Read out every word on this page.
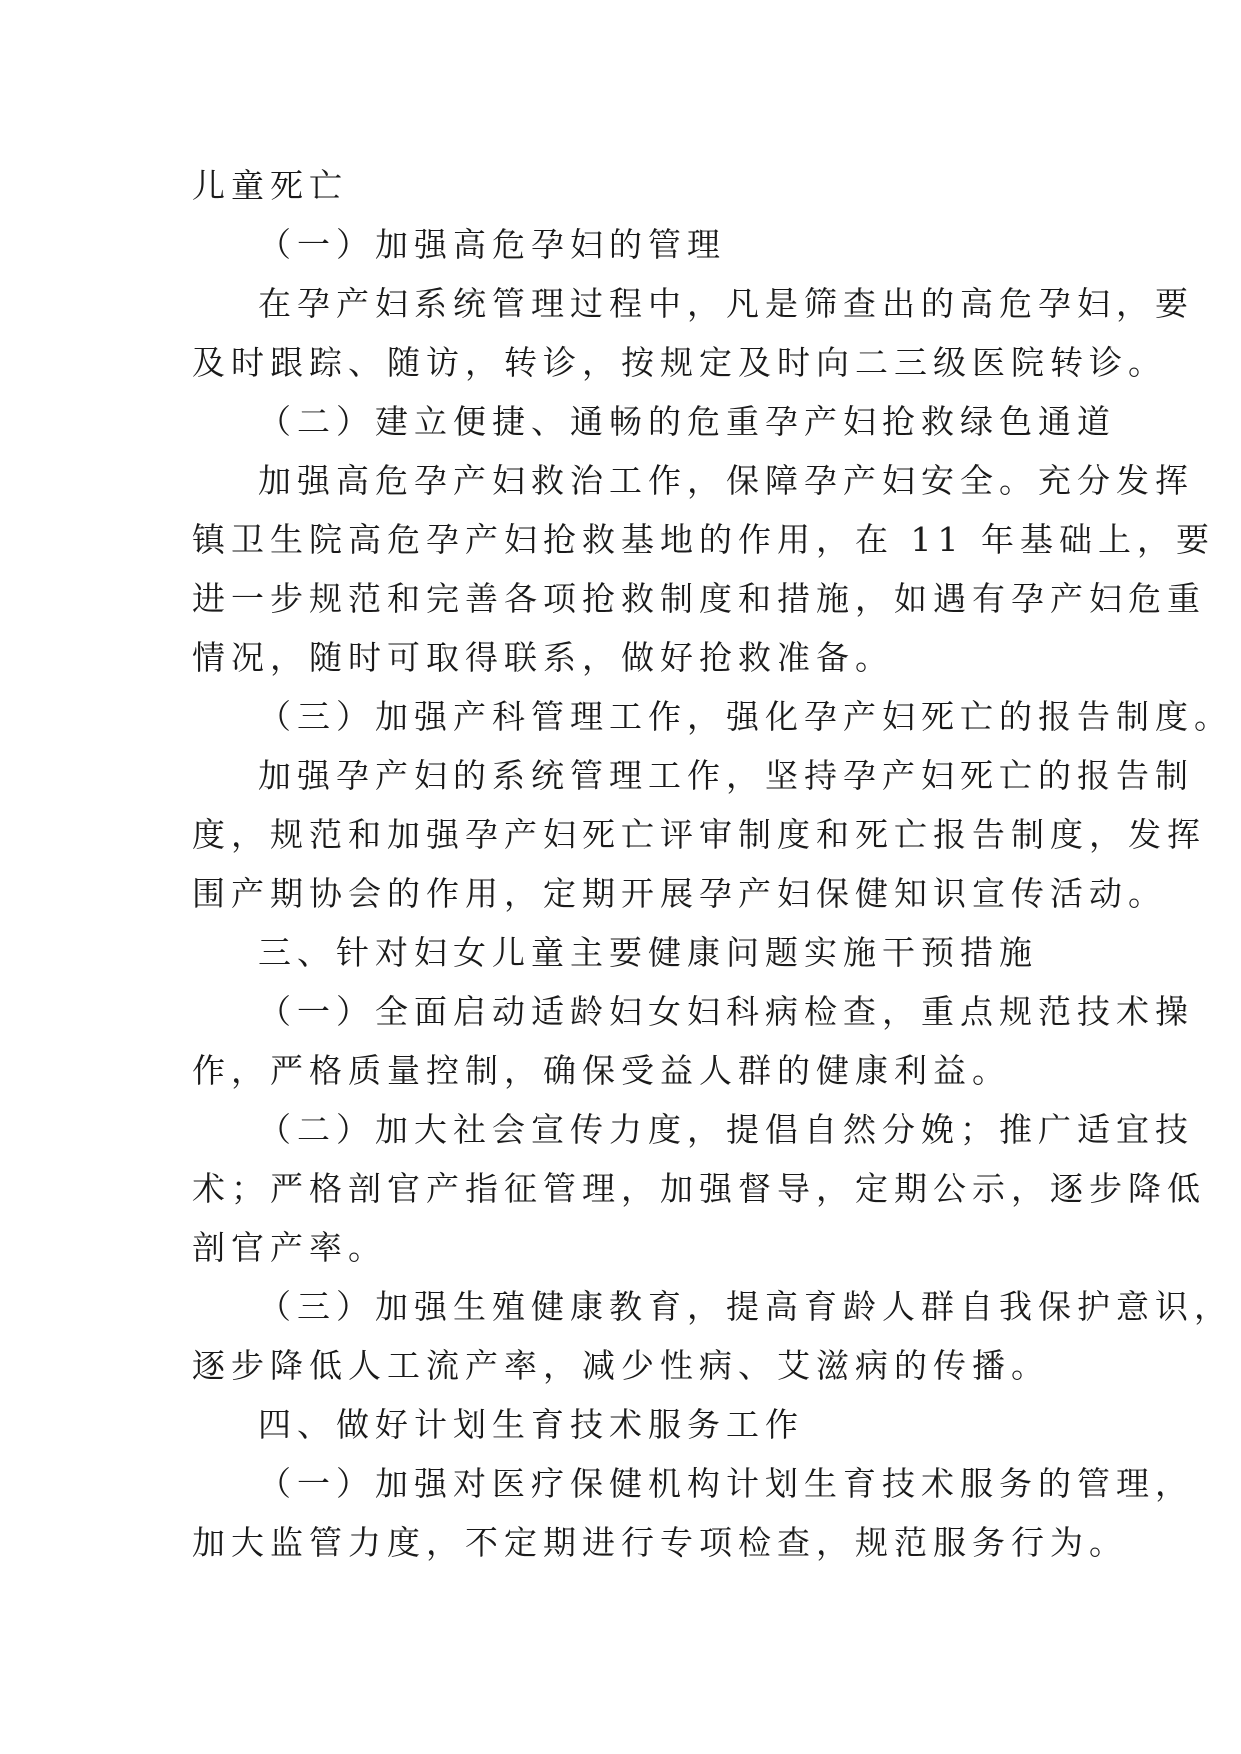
儿童死亡
（一）加强高危孕妇的管理
在孕产妇系统管理过程中，凡是筛查出的高危孕妇，要
及时跟踪、随访，转诊，按规定及时向二三级医院转诊。
（二）建立便捷、通畅的危重孕产妇抢救绿色通道
加强高危孕产妇救治工作，保障孕产妇安全。充分发挥
镇卫生院高危孕产妇抢救基地的作用，在 11 年基础上，要
进一步规范和完善各项抢救制度和措施，如遇有孕产妇危重
情况，随时可取得联系，做好抢救准备。
（三）加强产科管理工作，强化孕产妇死亡的报告制度。
加强孕产妇的系统管理工作，坚持孕产妇死亡的报告制
度，规范和加强孕产妇死亡评审制度和死亡报告制度，发挥
围产期协会的作用，定期开展孕产妇保健知识宣传活动。
三、针对妇女儿童主要健康问题实施干预措施
（一）全面启动适龄妇女妇科病检查，重点规范技术操
作，严格质量控制，确保受益人群的健康利益。
（二）加大社会宣传力度，提倡自然分娩；推广适宜技
术；严格剖官产指征管理，加强督导，定期公示，逐步降低
剖官产率。
（三）加强生殖健康教育，提高育龄人群自我保护意识，
逐步降低人工流产率，减少性病、艾滋病的传播。
四、做好计划生育技术服务工作
（一）加强对医疗保健机构计划生育技术服务的管理，
加大监管力度，不定期进行专项检查，规范服务行为。
